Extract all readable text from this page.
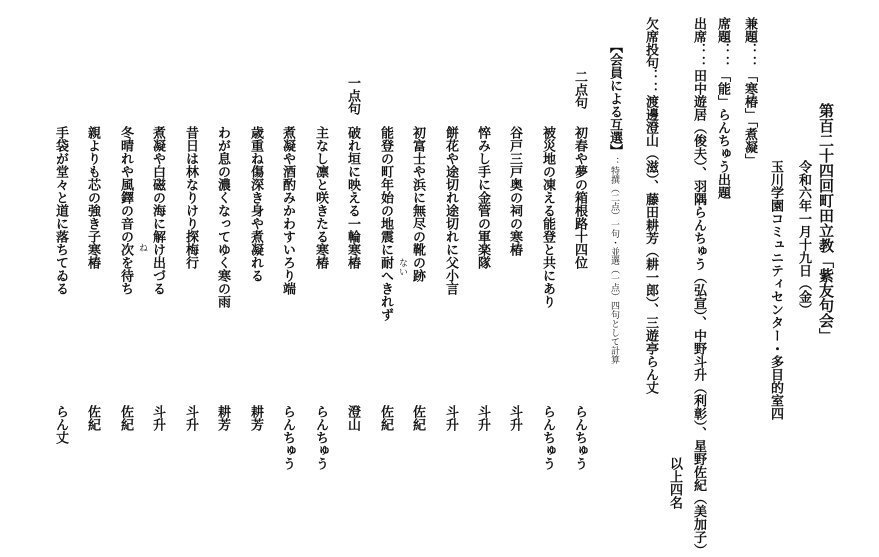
第百二十四回町田立教「紫友句会」
令和六年一月十九日（金）
玉川学園コミュニティセンター・多目的室四
兼題：：「寒椿」「煮凝」
席題：：「能」らんちゅう出題
出席：：田中遊居（俊夫）、羽隅らんちゅう（弘宣）、中野斗升（利彰）、星野佐紀（美加子）
以上四名
欠席投句：：渡邊澄山（滋）、藤田耕芳（耕一郎）、三遊亭らん丈
【会員による互選】：特撰（二点）一句・並選（一点）四句として計算
二点句
一点句
初春や夢の箱根路十四位
らんちゅう
被災地の凍える能登と共にあり
らんちゅう
谷戸三戸奥の祠の寒椿
斗升
悴みし手に金管の軍楽隊
斗升
餅花や途切れ途切れに父小言
斗升
初富士や浜に無尽の靴の跡
佐紀
能登の町年始の地震に耐へきれず ない
佐紀
破れ垣に映える一輪寒椿
澄山
主なし凛と咲きたる寒椿
らんちゅう
煮凝や酒酌みかわすいろり端
らんちゅう
歳重ね傷深き身や煮凝れる
耕芳
わが息の濃くなってゆく寒の雨
耕芳
昔日は林なりけり探梅行
斗升
煮凝や白磁の海に解け出づる
斗升
冬晴れや風鐸の音の次を待ち ね
佐紀
親よりも芯の強き子寒椿
佐紀
手袋が堂々と道に落ちてゐる
らん丈
